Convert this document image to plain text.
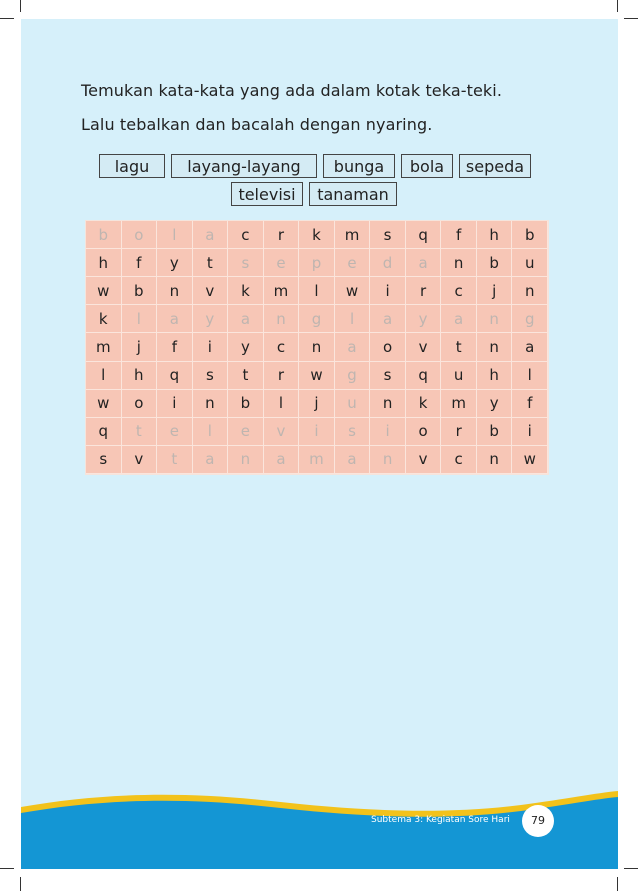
Temukan kata-kata yang ada dalam kotak teka-teki.
Lalu tebalkan dan bacalah dengan nyaring.
lagu	layang-layang	bunga	bola	sepeda
televisi	tanaman
b	o	l	a	c	r	k	m	s	q	f	h	b
h	f	y	t	s	e	p	e	d	a	n	b	u
w	b	n	v	k	m	l	w	i	r	c	j	n
k	l	a	y	a	n	g	l	a	y	a	n	g
m	j	f	i	y	c	n	a	o	v	t	n	a
l	h	q	s	t	r	w	g	s	q	u	h	l
w	o	i	n	b	l	j	u	n	k	m	y	f
q	t	e	l	e	v	i	s	i	o	r	b	i
s	v	t	a	n	a	m	a	n	v	c	n	w
Subtema 3: Kegiatan Sore Hari	79
